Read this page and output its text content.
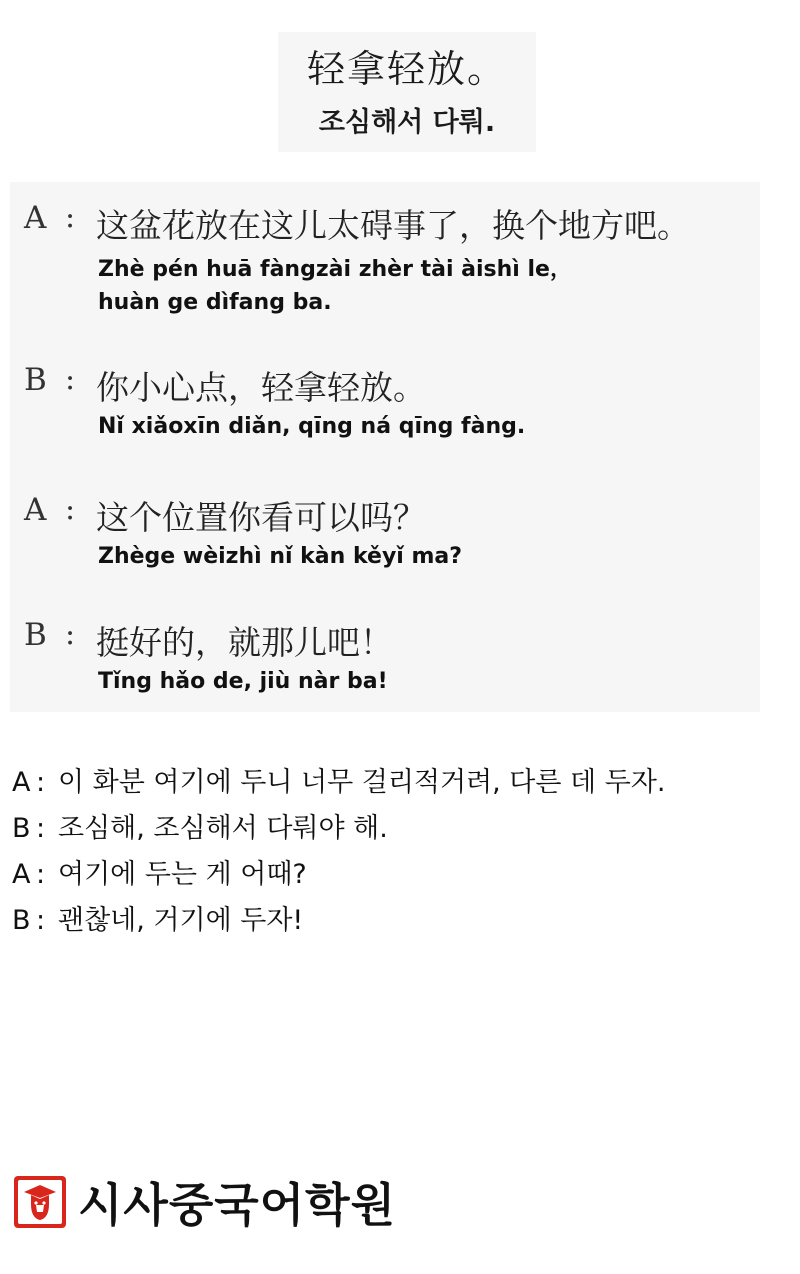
轻拿轻放。
조심해서 다뤄.
A : 这盆花放在这儿太碍事了，换个地方吧。
Zhè pén huā fàngzài zhèr tài àishì le，
huàn ge dìfang ba.
B : 你小心点，轻拿轻放。
Nǐ xiǎoxīn diǎn, qīng ná qīng fàng.
A : 这个位置你看可以吗？
Zhège wèizhì nǐ kàn kěyǐ ma?
B : 挺好的，就那儿吧！
Tǐng hǎo de, jiù nàr ba!
A : 이 화분 여기에 두니 너무 걸리적거려, 다른 데 두자.
B : 조심해, 조심해서 다뤄야 해.
A : 여기에 두는 게 어때?
B : 괜찮네, 거기에 두자!
시사중국어학원
